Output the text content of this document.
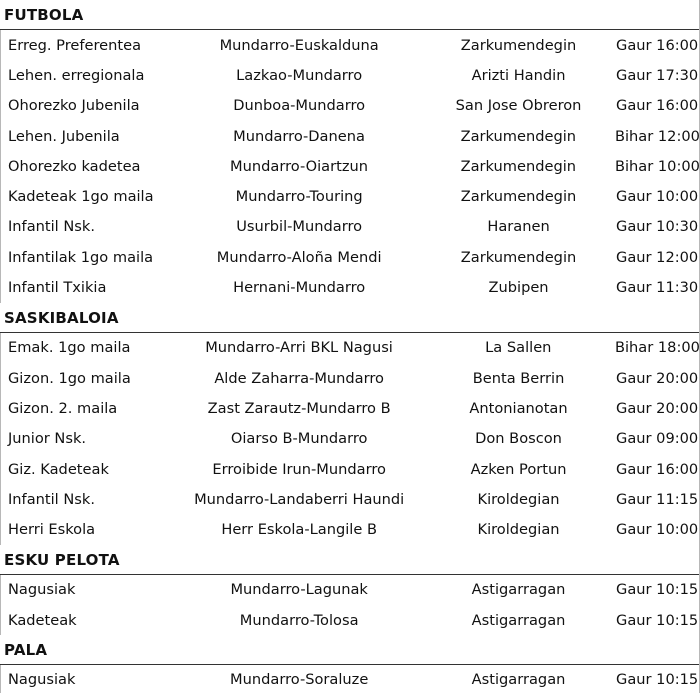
FUTBOLA
Erreg. Preferentea	Mundarro-Euskalduna	Zarkumendegin	Gaur 16:00
Lehen. erregionala	Lazkao-Mundarro	Arizti Handin	Gaur 17:30
Ohorezko Jubenila	Dunboa-Mundarro	San Jose Obreron	Gaur 16:00
Lehen. Jubenila	Mundarro-Danena	Zarkumendegin	Bihar 12:00
Ohorezko kadetea	Mundarro-Oiartzun	Zarkumendegin	Bihar 10:00
Kadeteak 1go maila	Mundarro-Touring	Zarkumendegin	Gaur 10:00
Infantil Nsk.	Usurbil-Mundarro	Haranen	Gaur 10:30
Infantilak 1go maila	Mundarro-Aloña Mendi	Zarkumendegin	Gaur 12:00
Infantil Txikia	Hernani-Mundarro	Zubipen	Gaur 11:30
SASKIBALOIA
Emak. 1go maila	Mundarro-Arri BKL Nagusi	La Sallen	Bihar 18:00
Gizon. 1go maila	Alde Zaharra-Mundarro	Benta Berrin	Gaur 20:00
Gizon. 2. maila	Zast Zarautz-Mundarro B	Antonianotan	Gaur 20:00
Junior Nsk.	Oiarso B-Mundarro	Don Boscon	Gaur 09:00
Giz. Kadeteak	Erroibide Irun-Mundarro	Azken Portun	Gaur 16:00
Infantil Nsk.	Mundarro-Landaberri Haundi	Kiroldegian	Gaur 11:15
Herri Eskola	Herr Eskola-Langile B	Kiroldegian	Gaur 10:00
ESKU PELOTA
Nagusiak	Mundarro-Lagunak	Astigarragan	Gaur 10:15
Kadeteak	Mundarro-Tolosa	Astigarragan	Gaur 10:15
PALA
Nagusiak	Mundarro-Soraluze	Astigarragan	Gaur 10:15
